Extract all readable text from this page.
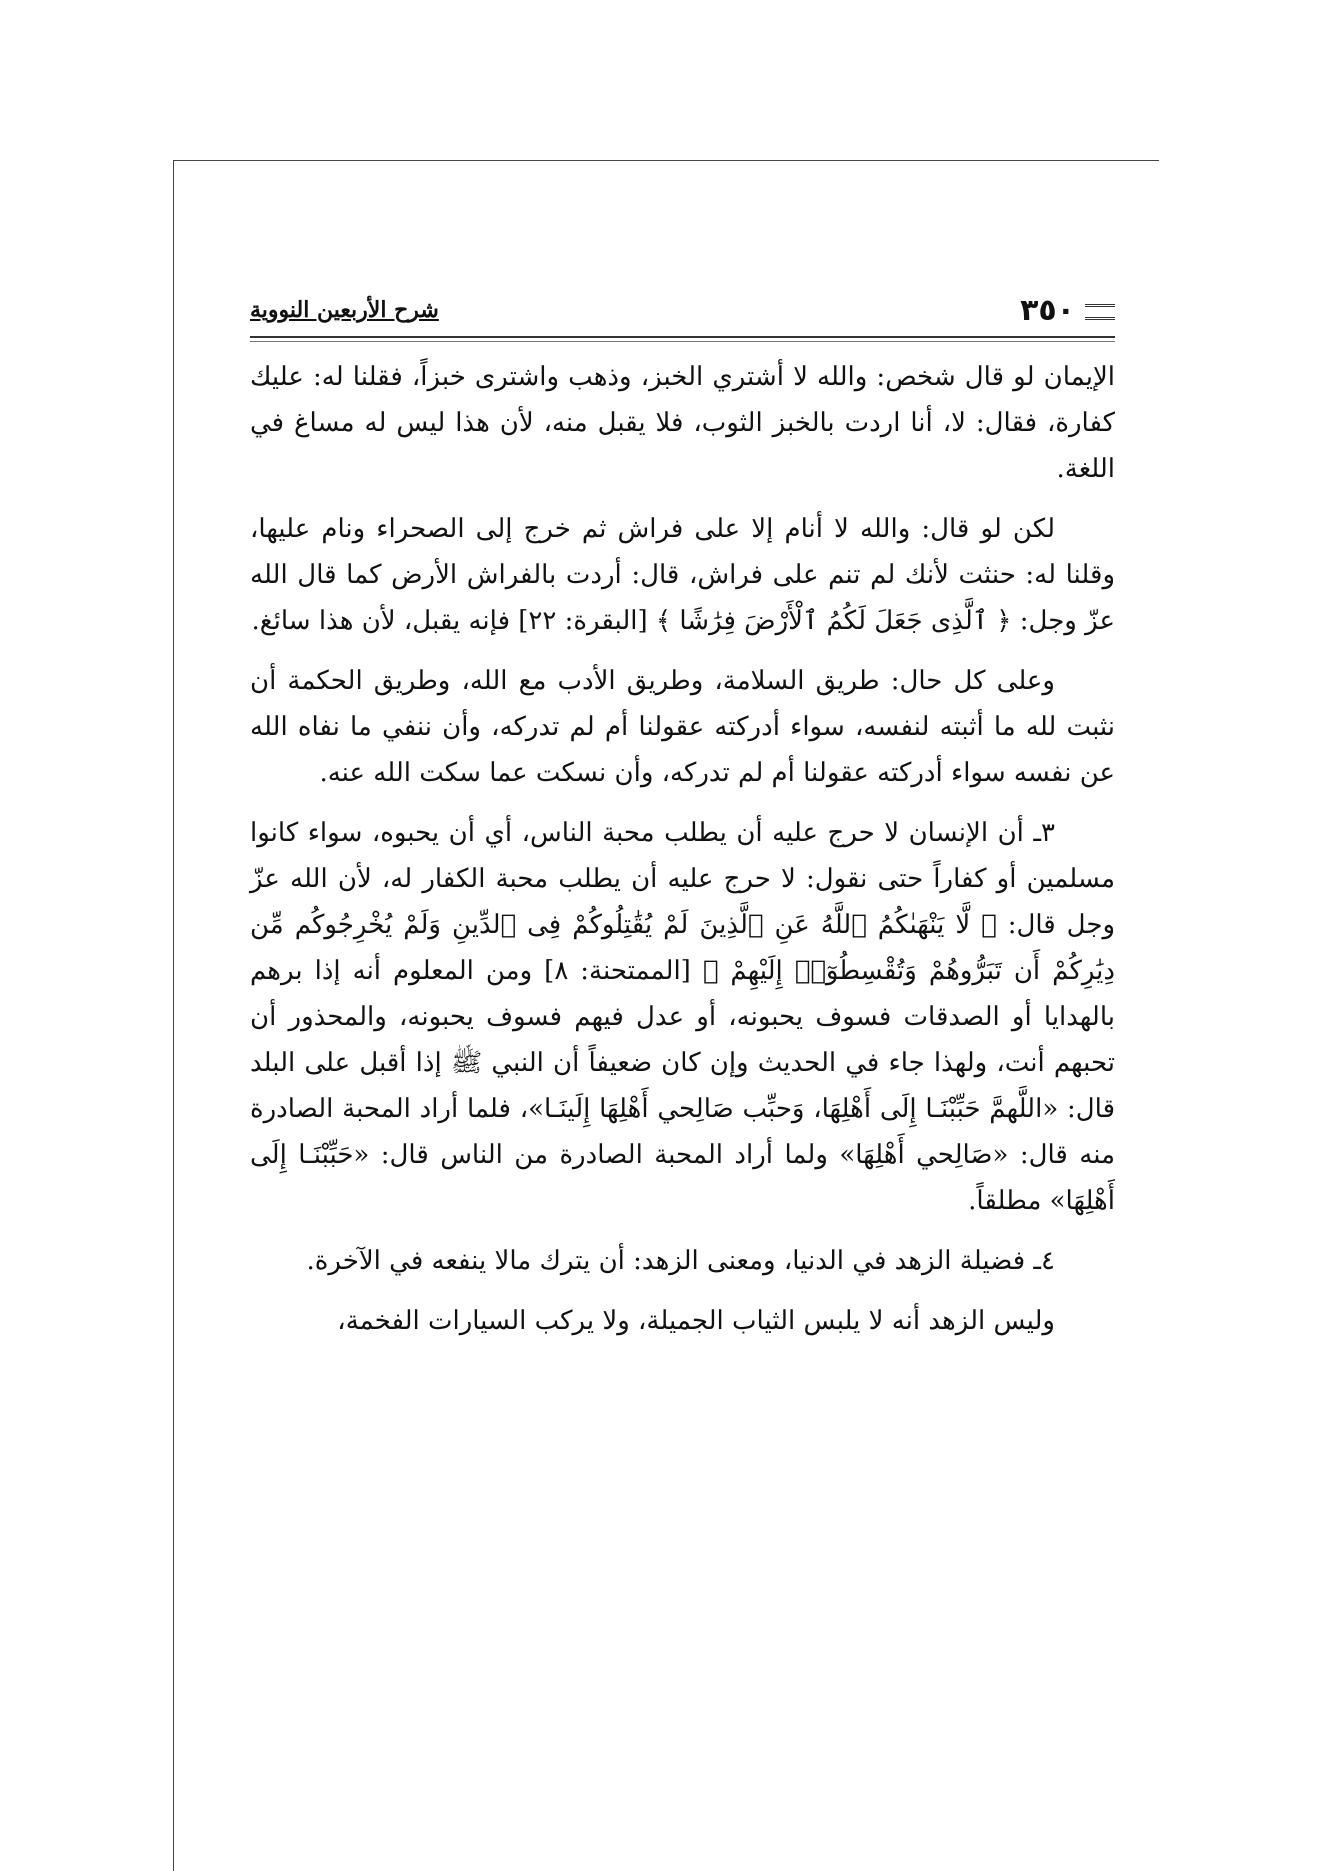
٣٥٠
شرح الأربعين النووية

الإيمان لو قال شخص: والله لا أشتري الخبز، وذهب واشترى خبزاً، فقلنا له: عليك كفارة، فقال: لا، أنا اردت بالخبز الثوب، فلا يقبل منه، لأن هذا ليس له مساغ في اللغة.

لكن لو قال: والله لا أنام إلا على فراش ثم خرج إلى الصحراء ونام عليها، وقلنا له: حنثت لأنك لم تنم على فراش، قال: أردت بالفراش الأرض كما قال الله عزّ وجل: ﴿ ٱلَّذِى جَعَلَ لَكُمُ ٱلْأَرْضَ فِرَٰشًا ﴾ [البقرة: ٢٢] فإنه يقبل، لأن هذا سائغ.

وعلى كل حال: طريق السلامة، وطريق الأدب مع الله، وطريق الحكمة أن نثبت لله ما أثبته لنفسه، سواء أدركته عقولنا أم لم تدركه، وأن ننفي ما نفاه الله عن نفسه سواء أدركته عقولنا أم لم تدركه، وأن نسكت عما سكت الله عنه.

٣ـ أن الإنسان لا حرج عليه أن يطلب محبة الناس، أي أن يحبوه، سواء كانوا مسلمين أو كفاراً حتى نقول: لا حرج عليه أن يطلب محبة الكفار له، لأن الله عزّ وجل قال: ﴿ لَّا يَنْهَىٰكُمُ ٱللَّهُ عَنِ ٱلَّذِينَ لَمْ يُقَٰتِلُوكُمْ فِى ٱلدِّينِ وَلَمْ يُخْرِجُوكُم مِّن دِيَٰرِكُمْ أَن تَبَرُّوهُمْ وَتُقْسِطُوٓا۟ إِلَيْهِمْ ﴾ [الممتحنة: ٨] ومن المعلوم أنه إذا برهم بالهدايا أو الصدقات فسوف يحبونه، أو عدل فيهم فسوف يحبونه، والمحذور أن تحبهم أنت، ولهذا جاء في الحديث وإن كان ضعيفاً أن النبي ﷺ إذا أقبل على البلد قال: «اللَّهمَّ حَبِّبْنَـا إِلَى أَهْلِهَا، وَحبِّب صَالِحي أَهْلِهَا إِلَينَـا»، فلما أراد المحبة الصادرة منه قال: «صَالِحي أَهْلِهَا» ولما أراد المحبة الصادرة من الناس قال: «حَبِّبْنَـا إِلَى أَهْلِهَا» مطلقاً.

٤ـ فضيلة الزهد في الدنيا، ومعنى الزهد: أن يترك مالا ينفعه في الآخرة.

وليس الزهد أنه لا يلبس الثياب الجميلة، ولا يركب السيارات الفخمة،
